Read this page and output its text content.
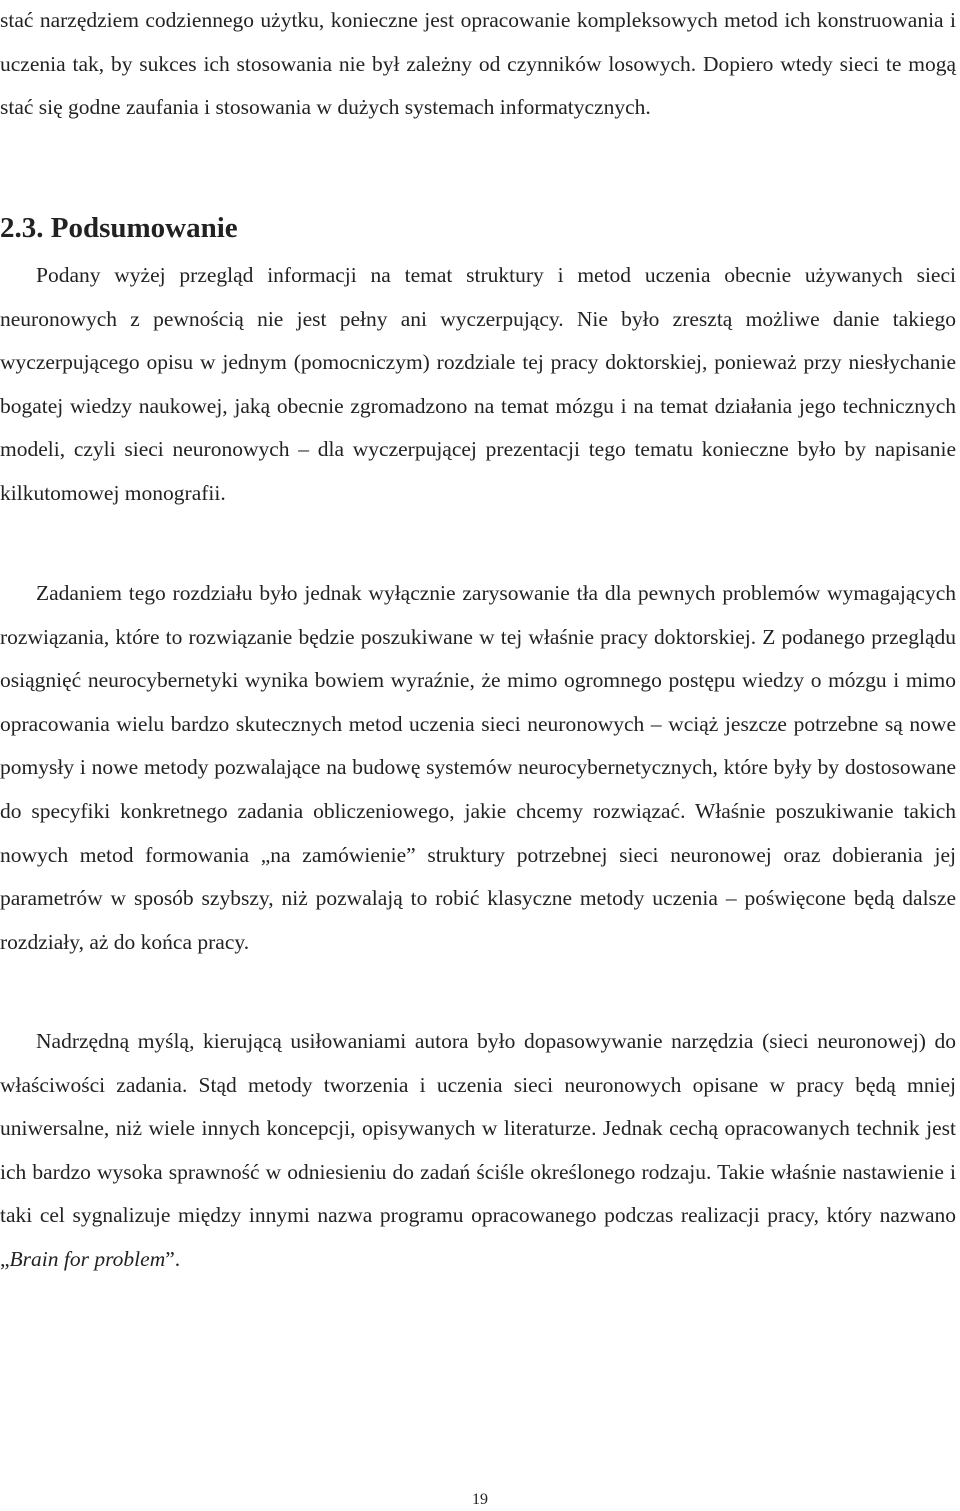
stać narzędziem codziennego użytku, konieczne jest opracowanie kompleksowych metod ich konstruowania i uczenia tak, by sukces ich stosowania nie był zależny od czynników losowych. Dopiero wtedy sieci te mogą stać się godne zaufania i stosowania w dużych systemach informatycznych.

2.3. Podsumowanie

Podany wyżej przegląd informacji na temat struktury i metod uczenia obecnie używanych sieci neuronowych z pewnością nie jest pełny ani wyczerpujący. Nie było zresztą możliwe danie takiego wyczerpującego opisu w jednym (pomocniczym) rozdziale tej pracy doktorskiej, ponieważ przy niesłychanie bogatej wiedzy naukowej, jaką obecnie zgromadzono na temat mózgu i na temat działania jego technicznych modeli, czyli sieci neuronowych – dla wyczerpującej prezentacji tego tematu konieczne było by napisanie kilkutomowej monografii.

Zadaniem tego rozdziału było jednak wyłącznie zarysowanie tła dla pewnych problemów wymagających rozwiązania, które to rozwiązanie będzie poszukiwane w tej właśnie pracy doktorskiej. Z podanego przeglądu osiągnięć neurocybernetyki wynika bowiem wyraźnie, że mimo ogromnego postępu wiedzy o mózgu i mimo opracowania wielu bardzo skutecznych metod uczenia sieci neuronowych – wciąż jeszcze potrzebne są nowe pomysły i nowe metody pozwalające na budowę systemów neurocybernetycznych, które były by dostosowane do specyfiki konkretnego zadania obliczeniowego, jakie chcemy rozwiązać. Właśnie poszukiwanie takich nowych metod formowania „na zamówienie” struktury potrzebnej sieci neuronowej oraz dobierania jej parametrów w sposób szybszy, niż pozwalają to robić klasyczne metody uczenia – poświęcone będą dalsze rozdziały, aż do końca pracy.

Nadrzędną myślą, kierującą usiłowaniami autora było dopasowywanie narzędzia (sieci neuronowej) do właściwości zadania. Stąd metody tworzenia i uczenia sieci neuronowych opisane w pracy będą mniej uniwersalne, niż wiele innych koncepcji, opisywanych w literaturze. Jednak cechą opracowanych technik jest ich bardzo wysoka sprawność w odniesieniu do zadań ściśle określonego rodzaju. Takie właśnie nastawienie i taki cel sygnalizuje między innymi nazwa programu opracowanego podczas realizacji pracy, który nazwano „Brain for problem”.

19
